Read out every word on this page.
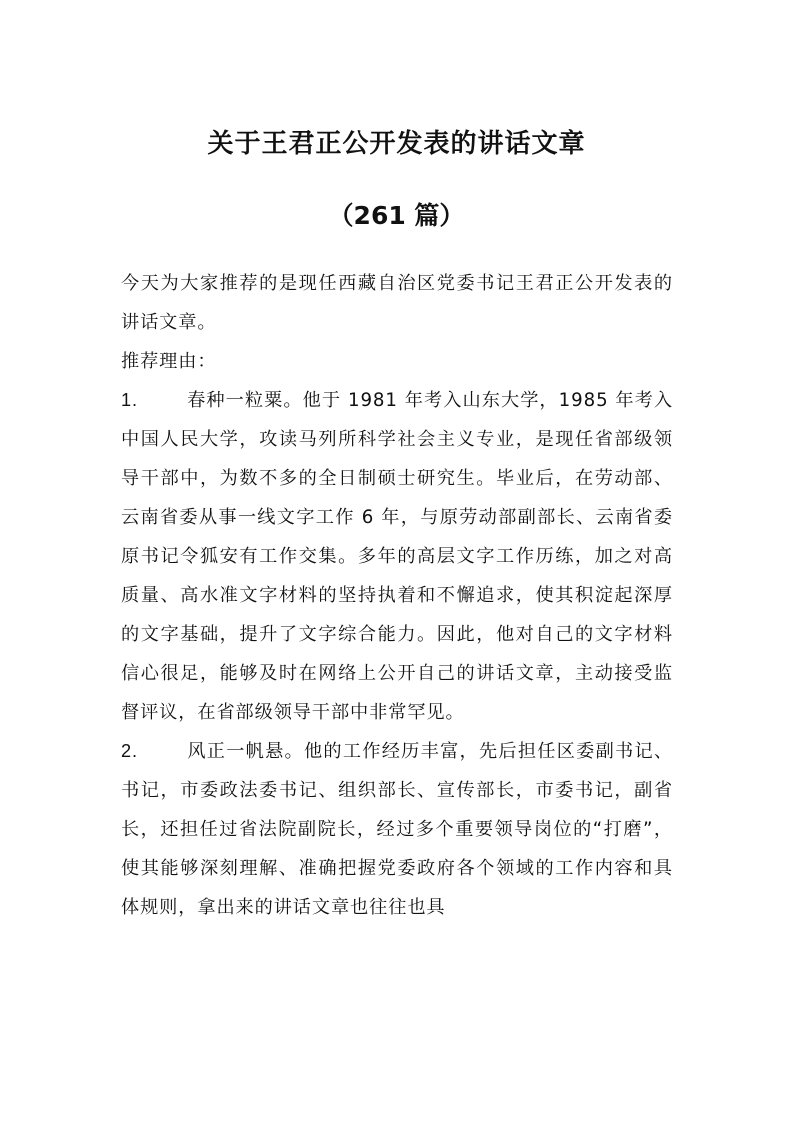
关于王君正公开发表的讲话文章
（261 篇）

今天为大家推荐的是现任西藏自治区党委书记王君正公开发表的讲话文章。

推荐理由：

1.	春种一粒粟。他于 1981 年考入山东大学，1985 年考入中国人民大学，攻读马列所科学社会主义专业，是现任省部级领导干部中，为数不多的全日制硕士研究生。毕业后，在劳动部、云南省委从事一线文字工作 6 年，与原劳动部副部长、云南省委原书记令狐安有工作交集。多年的高层文字工作历练，加之对高质量、高水准文字材料的坚持执着和不懈追求，使其积淀起深厚的文字基础，提升了文字综合能力。因此，他对自己的文字材料信心很足，能够及时在网络上公开自己的讲话文章，主动接受监督评议，在省部级领导干部中非常罕见。

2.	风正一帆悬。他的工作经历丰富，先后担任区委副书记、书记，市委政法委书记、组织部长、宣传部长，市委书记，副省长，还担任过省法院副院长，经过多个重要领导岗位的“打磨”，使其能够深刻理解、准确把握党委政府各个领域的工作内容和具体规则，拿出来的讲话文章也往往也具
